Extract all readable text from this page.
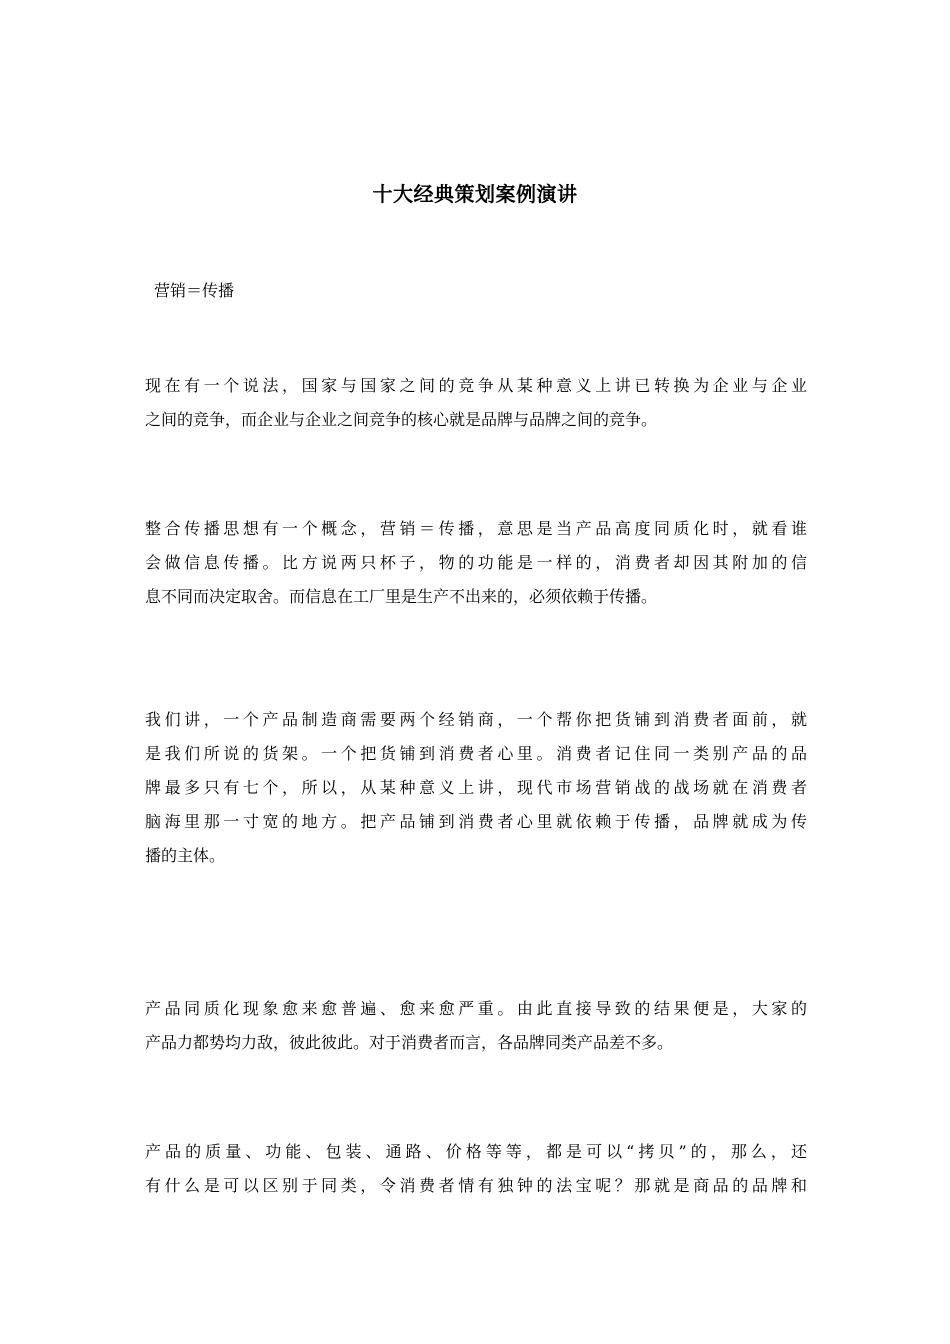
十大经典策划案例演讲

营销＝传播

现在有一个说法，国家与国家之间的竞争从某种意义上讲已转换为企业与企业
之间的竞争，而企业与企业之间竞争的核心就是品牌与品牌之间的竞争。

整合传播思想有一个概念，营销＝传播，意思是当产品高度同质化时，就看谁
会做信息传播。比方说两只杯子，物的功能是一样的，消费者却因其附加的信
息不同而决定取舍。而信息在工厂里是生产不出来的，必须依赖于传播。

我们讲，一个产品制造商需要两个经销商，一个帮你把货铺到消费者面前，就
是我们所说的货架。一个把货铺到消费者心里。消费者记住同一类别产品的品
牌最多只有七个，所以，从某种意义上讲，现代市场营销战的战场就在消费者
脑海里那一寸宽的地方。把产品铺到消费者心里就依赖于传播，品牌就成为传
播的主体。

产品同质化现象愈来愈普遍、愈来愈严重。由此直接导致的结果便是，大家的
产品力都势均力敌，彼此彼此。对于消费者而言，各品牌同类产品差不多。

产品的质量、功能、包装、通路、价格等等，都是可以“拷贝”的，那么，还
有什么是可以区别于同类，令消费者情有独钟的法宝呢？那就是商品的品牌和
